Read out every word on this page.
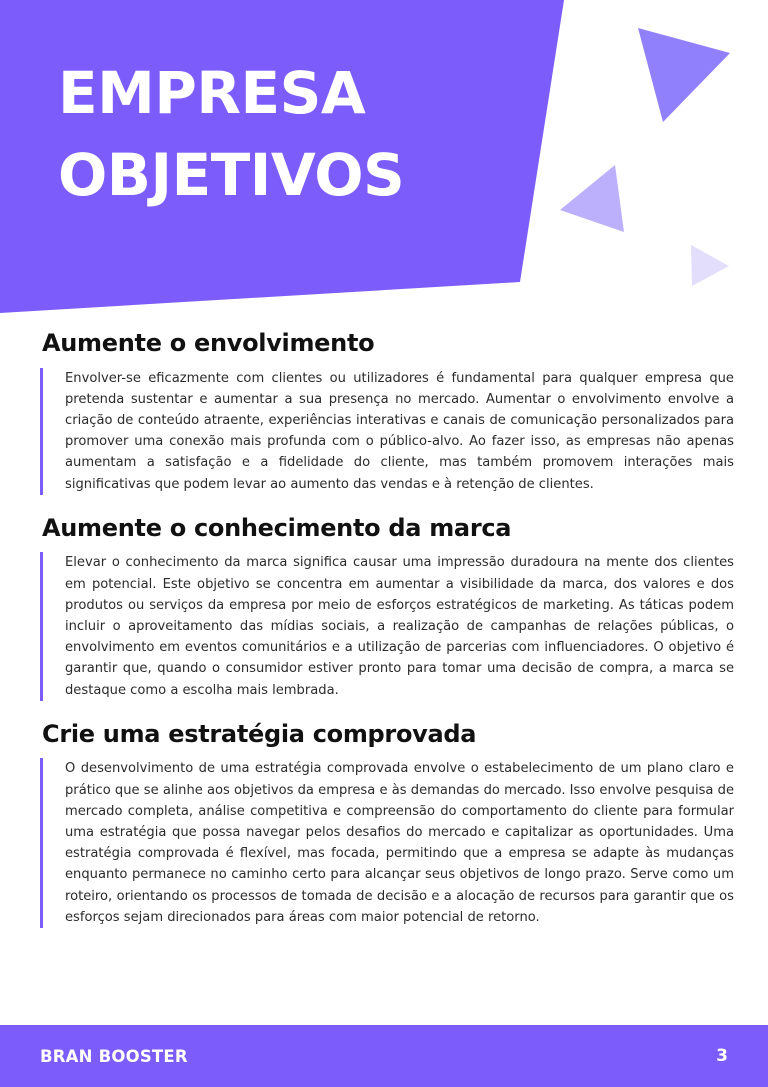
EMPRESA
OBJETIVOS
Aumente o envolvimento

Envolver-se eficazmente com clientes ou utilizadores é fundamental para qualquer empresa que pretenda sustentar e aumentar a sua presença no mercado. Aumentar o envolvimento envolve a criação de conteúdo atraente, experiências interativas e canais de comunicação personalizados para promover uma conexão mais profunda com o público-alvo. Ao fazer isso, as empresas não apenas aumentam a satisfação e a fidelidade do cliente, mas também promovem interações mais significativas que podem levar ao aumento das vendas e à retenção de clientes.

Aumente o conhecimento da marca

Elevar o conhecimento da marca significa causar uma impressão duradoura na mente dos clientes em potencial. Este objetivo se concentra em aumentar a visibilidade da marca, dos valores e dos produtos ou serviços da empresa por meio de esforços estratégicos de marketing. As táticas podem incluir o aproveitamento das mídias sociais, a realização de campanhas de relações públicas, o envolvimento em eventos comunitários e a utilização de parcerias com influenciadores. O objetivo é garantir que, quando o consumidor estiver pronto para tomar uma decisão de compra, a marca se destaque como a escolha mais lembrada.

Crie uma estratégia comprovada

O desenvolvimento de uma estratégia comprovada envolve o estabelecimento de um plano claro e prático que se alinhe aos objetivos da empresa e às demandas do mercado. Isso envolve pesquisa de mercado completa, análise competitiva e compreensão do comportamento do cliente para formular uma estratégia que possa navegar pelos desafios do mercado e capitalizar as oportunidades. Uma estratégia comprovada é flexível, mas focada, permitindo que a empresa se adapte às mudanças enquanto permanece no caminho certo para alcançar seus objetivos de longo prazo. Serve como um roteiro, orientando os processos de tomada de decisão e a alocação de recursos para garantir que os esforços sejam direcionados para áreas com maior potencial de retorno.

BRAN BOOSTER	3
